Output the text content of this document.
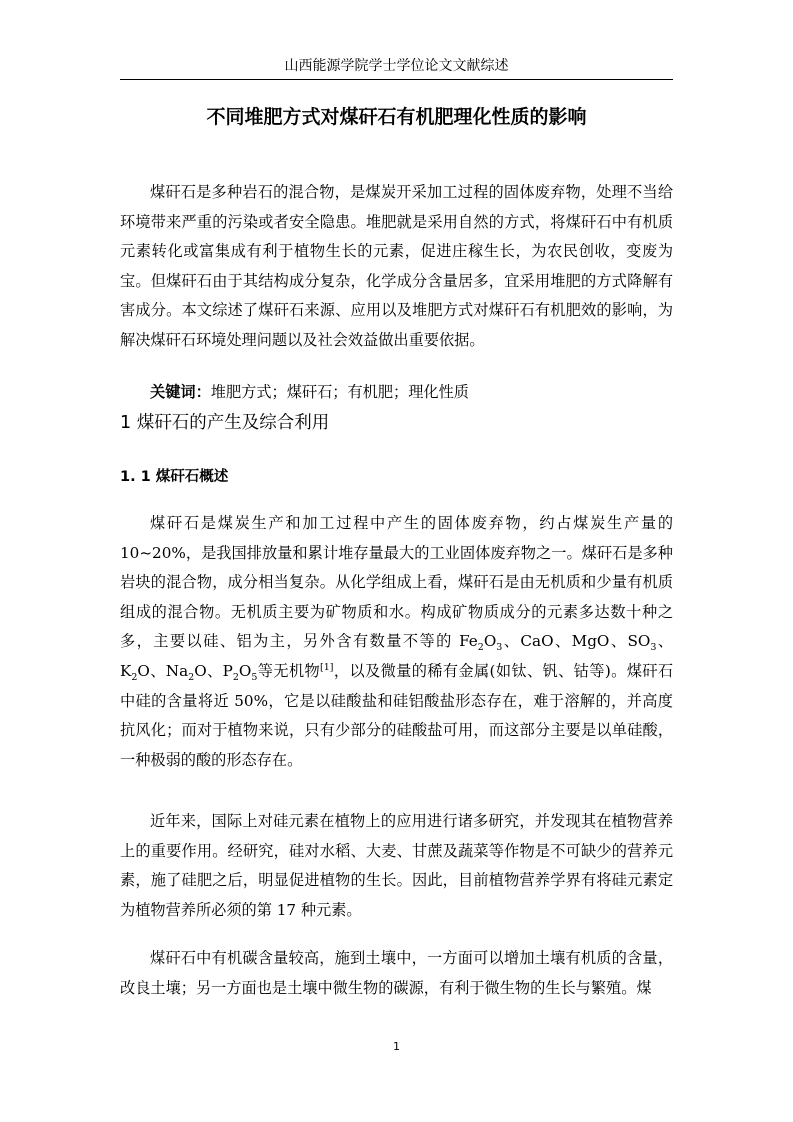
山西能源学院学士学位论文文献综述
不同堆肥方式对煤矸石有机肥理化性质的影响

煤矸石是多种岩石的混合物，是煤炭开采加工过程的固体废弃物，处理不当给环境带来严重的污染或者安全隐患。堆肥就是采用自然的方式，将煤矸石中有机质元素转化或富集成有利于植物生长的元素，促进庄稼生长，为农民创收，变废为宝。但煤矸石由于其结构成分复杂，化学成分含量居多，宜采用堆肥的方式降解有害成分。本文综述了煤矸石来源、应用以及堆肥方式对煤矸石有机肥效的影响，为解决煤矸石环境处理问题以及社会效益做出重要依据。

关键词：堆肥方式；煤矸石；有机肥；理化性质

1 煤矸石的产生及综合利用
1. 1 煤矸石概述

煤矸石是煤炭生产和加工过程中产生的固体废弃物，约占煤炭生产量的 10~20%，是我国排放量和累计堆存量最大的工业固体废弃物之一。煤矸石是多种岩块的混合物，成分相当复杂。从化学组成上看，煤矸石是由无机质和少量有机质组成的混合物。无机质主要为矿物质和水。构成矿物质成分的元素多达数十种之多，主要以硅、铝为主，另外含有数量不等的 $Fe_2O_3$、CaO、MgO、$SO_3$、$K_2O$、$Na_2O$、$P_2O_5$等无机物[1]，以及微量的稀有金属(如钛、钒、钴等)。煤矸石中硅的含量将近 50%，它是以硅酸盐和硅铝酸盐形态存在，难于溶解的，并高度抗风化；而对于植物来说，只有少部分的硅酸盐可用，而这部分主要是以单硅酸，一种极弱的酸的形态存在。

近年来，国际上对硅元素在植物上的应用进行诸多研究，并发现其在植物营养上的重要作用。经研究，硅对水稻、大麦、甘蔗及蔬菜等作物是不可缺少的营养元素，施了硅肥之后，明显促进植物的生长。因此，目前植物营养学界有将硅元素定为植物营养所必须的第 17 种元素。

煤矸石中有机碳含量较高，施到土壤中，一方面可以增加土壤有机质的含量，改良土壤；另一方面也是土壤中微生物的碳源，有利于微生物的生长与繁殖。煤

1
